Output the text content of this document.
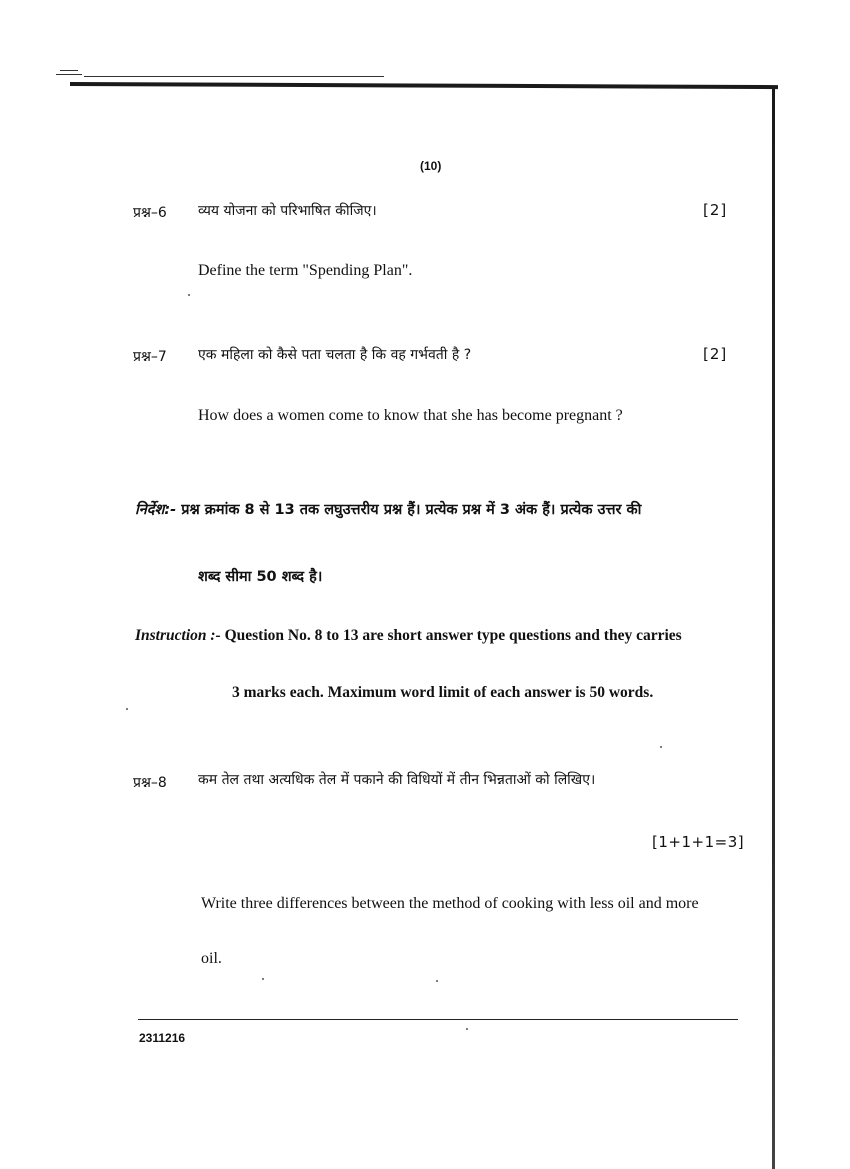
(10)
प्रश्न–6 व्यय योजना को परिभाषित कीजिए।	[2]
Define the term "Spending Plan".
प्रश्न–7 एक महिला को कैसे पता चलता है कि वह गर्भवती है ?	[2]
How does a women come to know that she has become pregnant ?
निर्देश:- प्रश्न क्रमांक 8 से 13 तक लघुउत्तरीय प्रश्न हैं। प्रत्येक प्रश्न में 3 अंक हैं। प्रत्येक उत्तर की
शब्द सीमा 50 शब्द है।
Instruction :- Question No. 8 to 13 are short answer type questions and they carries
3 marks each. Maximum word limit of each answer is 50 words.
प्रश्न–8 कम तेल तथा अत्यधिक तेल में पकाने की विधियों में तीन भिन्नताओं को लिखिए।
[1+1+1=3]
Write three differences between the method of cooking with less oil and more
oil.
2311216
